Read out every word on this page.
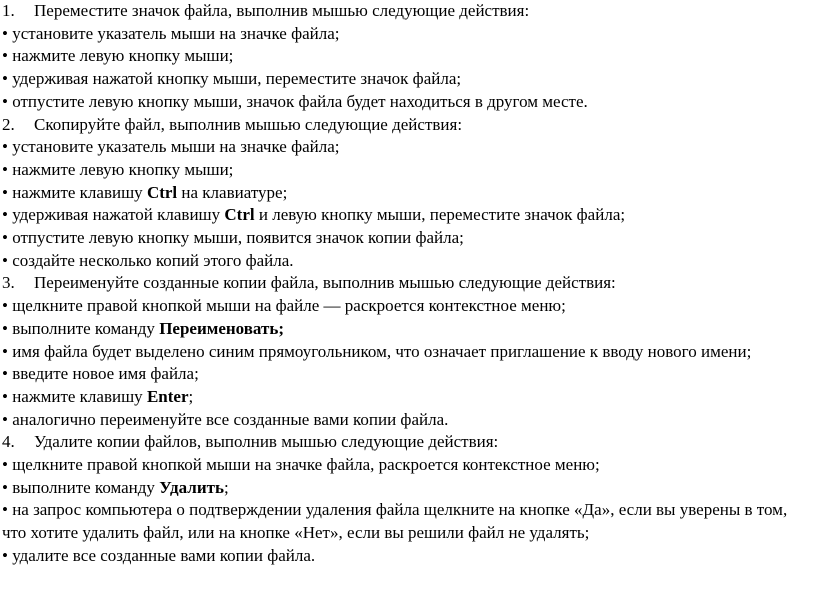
1. Переместите значок файла, выполнив мышью следующие действия:

• установите указатель мыши на значке файла;

• нажмите левую кнопку мыши;

• удерживая нажатой кнопку мыши, переместите значок файла;

• отпустите левую кнопку мыши, значок файла будет находиться в другом месте.

2. Скопируйте файл, выполнив мышью следующие действия:

• установите указатель мыши на значке файла;

• нажмите левую кнопку мыши;

• нажмите клавишу Ctrl на клавиатуре;

• удерживая нажатой клавишу Ctrl и левую кнопку мыши, переместите значок файла;

• отпустите левую кнопку мыши, появится значок копии файла;

• создайте несколько копий этого файла.

3. Переименуйте созданные копии файла, выполнив мышью следующие действия:

• щелкните правой кнопкой мыши на файле — раскроется контекстное меню;

• выполните команду Переименовать;

• имя файла будет выделено синим прямоугольником, что означает приглашение к вводу нового имени;

• введите новое имя файла;

• нажмите клавишу Enter;

• аналогично переименуйте все созданные вами копии файла.

4. Удалите копии файлов, выполнив мышью следующие действия:

• щелкните правой кнопкой мыши на значке файла, раскроется контекстное меню;

• выполните команду Удалить;

• на запрос компьютера о подтверждении удаления файла щелкните на кнопке «Да», если вы уверены в том, что хотите удалить файл, или на кнопке «Нет», если вы решили файл не удалять;

• удалите все созданные вами копии файла.
